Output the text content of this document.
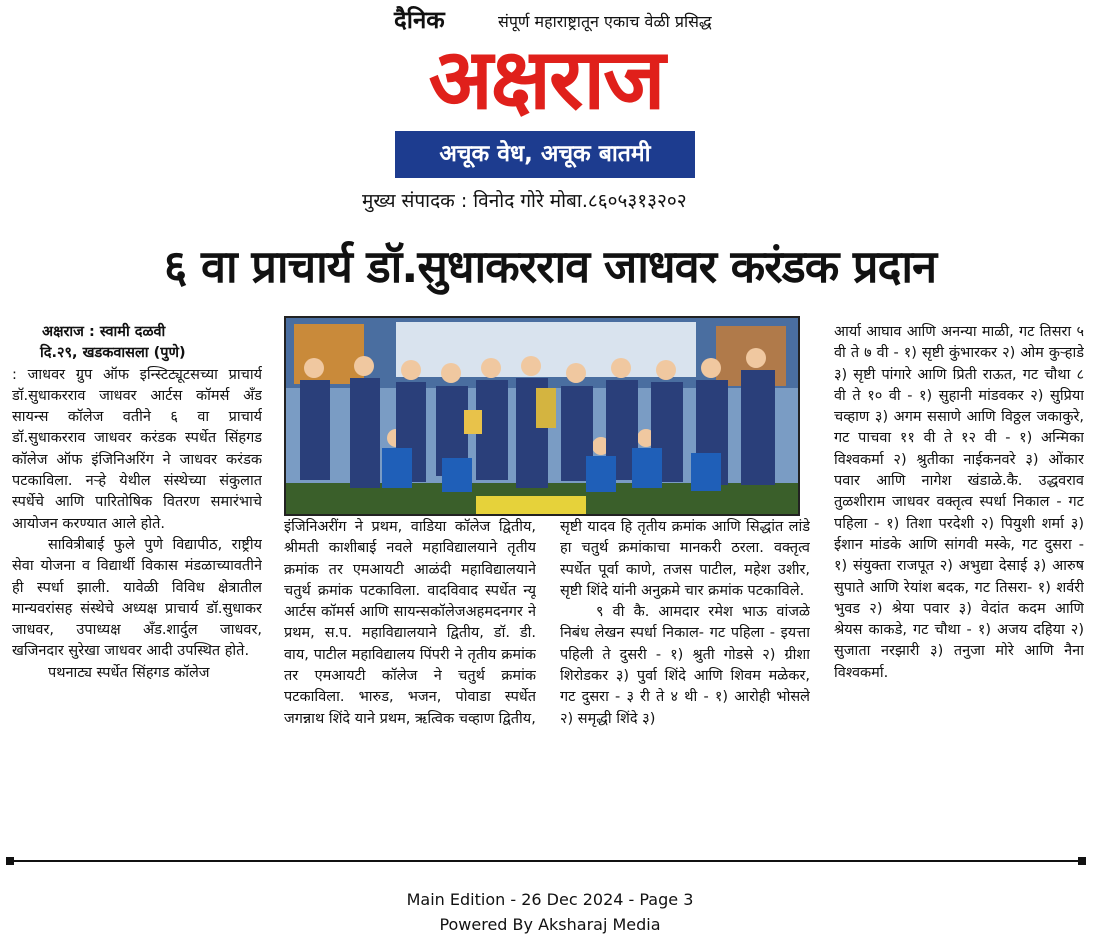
दैनिक	संपूर्ण महाराष्ट्रातून एकाच वेळी प्रसिद्ध
अक्षराज
अचूक वेध, अचूक बातमी
मुख्य संपादक : विनोद गोरे मोबा.८६०५३१३२०२
६ वा प्राचार्य डॉ.सुधाकरराव जाधवर करंडक प्रदान

अक्षराज : स्वामी दळवी

दि.२९, खडकवासला (पुणे)

: जाधवर ग्रुप ऑफ इन्स्टिट्यूटसच्या प्राचार्य डॉ.सुधाकरराव जाधवर आर्टस कॉमर्स अँड सायन्स कॉलेज वतीने ६ वा प्राचार्य डॉ.सुधाकरराव जाधवर करंडक स्पर्धेत सिंहगड कॉलेज ऑफ इंजिनिअरिंग ने जाधवर करंडक पटकाविला. नऱ्हे येथील संस्थेच्या संकुलात स्पर्धेचे आणि पारितोषिक वितरण समारंभाचे आयोजन करण्यात आले होते.

सावित्रीबाई फुले पुणे विद्यापीठ, राष्ट्रीय सेवा योजना व विद्यार्थी विकास मंडळाच्यावतीने ही स्पर्धा झाली. यावेळी विविध क्षेत्रातील मान्यवरांसह संस्थेचे अध्यक्ष प्राचार्य डॉ.सुधाकर जाधवर, उपाध्यक्ष अँड.शार्दुल जाधवर, खजिनदार सुरेखा जाधवर आदी उपस्थित होते.

पथनाट्य स्पर्धेत सिंहगड कॉलेज

इंजिनिअरींग ने प्रथम, वाडिया कॉलेज द्वितीय, श्रीमती काशीबाई नवले महाविद्यालयाने तृतीय क्रमांक तर एमआयटी आळंदी महाविद्यालयाने चतुर्थ क्रमांक पटकाविला. वादविवाद स्पर्धेत न्यू आर्टस कॉमर्स आणि सायन्सकॉलेजअहमदनगर ने प्रथम, स.प. महाविद्यालयाने द्वितीय, डॉ. डी. वाय, पाटील महाविद्यालय पिंपरी ने तृतीय क्रमांक तर एमआयटी कॉलेज ने चतुर्थ क्रमांक पटकाविला. भारुड, भजन, पोवाडा स्पर्धेत जगन्नाथ शिंदे याने प्रथम, ऋत्विक चव्हाण द्वितीय,

सृष्टी यादव हि तृतीय क्रमांक आणि सिद्धांत लांडे हा चतुर्थ क्रमांकाचा मानकरी ठरला. वक्तृत्व स्पर्धेत पूर्वा काणे, तजस पाटील, महेश उशीर, सृष्टी शिंदे यांनी अनुक्रमे चार क्रमांक पटकाविले.

९ वी कै. आमदार रमेश भाऊ वांजळे निबंध लेखन स्पर्धा निकाल- गट पहिला - इयत्ता पहिली ते दुसरी - १) श्रुती गोडसे २) ग्रीशा शिरोडकर ३) पुर्वा शिंदे आणि शिवम मळेकर, गट दुसरा - ३ री ते ४ थी - १) आरोही भोसले २) समृद्धी शिंदे ३)

आर्या आघाव आणि अनन्या माळी, गट तिसरा ५ वी ते ७ वी - १) सृष्टी कुंभारकर २) ओम कुऱ्हाडे ३) सृष्टी पांगारे आणि प्रिती राऊत, गट चौथा ८ वी ते १० वी - १) सुहानी मांडवकर २) सुप्रिया चव्हाण ३) अगम ससाणे आणि विठ्ठल जकाकुरे, गट पाचवा ११ वी ते १२ वी - १) अन्मिका विश्वकर्मा २) श्रुतीका नाईकनवरे ३) ओंकार पवार आणि नागेश खंडाळे.कै. उद्धवराव तुळशीराम जाधवर वक्तृत्व स्पर्धा निकाल - गट पहिला - १) तिशा परदेशी २) पियुशी शर्मा ३) ईशान मांडके आणि सांगवी मस्के, गट दुसरा - १) संयुक्ता राजपूत २) अभुद्या देसाई ३) आरुष सुपाते आणि रेयांश बदक, गट तिसरा- १) शर्वरी भुवड २) श्रेया पवार ३) वेदांत कदम आणि श्रेयस काकडे, गट चौथा - १) अजय दहिया २) सुजाता नरझारी ३) तनुजा मोरे आणि नैना विश्वकर्मा.

Main Edition - 26 Dec 2024 - Page 3
Powered By Aksharaj Media
